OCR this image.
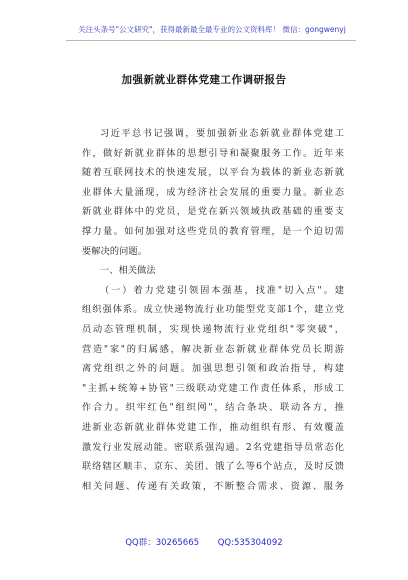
关注头条号"公文研究"，获得最新最全最专业的公文资料库！ 微信：gongwenyj
加强新就业群体党建工作调研报告
习近平总书记强调，要加强新业态新就业群体党建工
作，做好新就业群体的思想引导和凝聚服务工作。近年来
随着互联网技术的快速发展，以平台为载体的新业态新就
业群体大量涌现，成为经济社会发展的重要力量。新业态
新就业群体中的党员，是党在新兴领域执政基础的重要支
撑力量。如何加强对这些党员的教育管理，是一个迫切需
要解决的问题。
一、相关做法
（一）着力党建引领固本强基，找准"切入点"。建
组织强体系。成立快递物流行业功能型党支部1个，建立党
员动态管理机制，实现快递物流行业党组织"零突破"，
营造"家"的归属感，解决新业态新就业群体党员长期游
离党组织之外的问题。加强思想引领和政治指导，构建
"主抓+统筹+协管"三级联动党建工作责任体系，形成工
作合力。织牢红色"组织网"，结合条块、联动各方，推
进新业态新就业群体党建工作，推动组织有形、有效覆盖
激发行业发展动能。密联系强沟通。2名党建指导员常态化
联络辖区顺丰、京东、美团、饿了么等6个站点，及时反馈
相关问题、传递有关政策，不断整合需求、资源、服务
QQ群：30265665 QQ:535304092
